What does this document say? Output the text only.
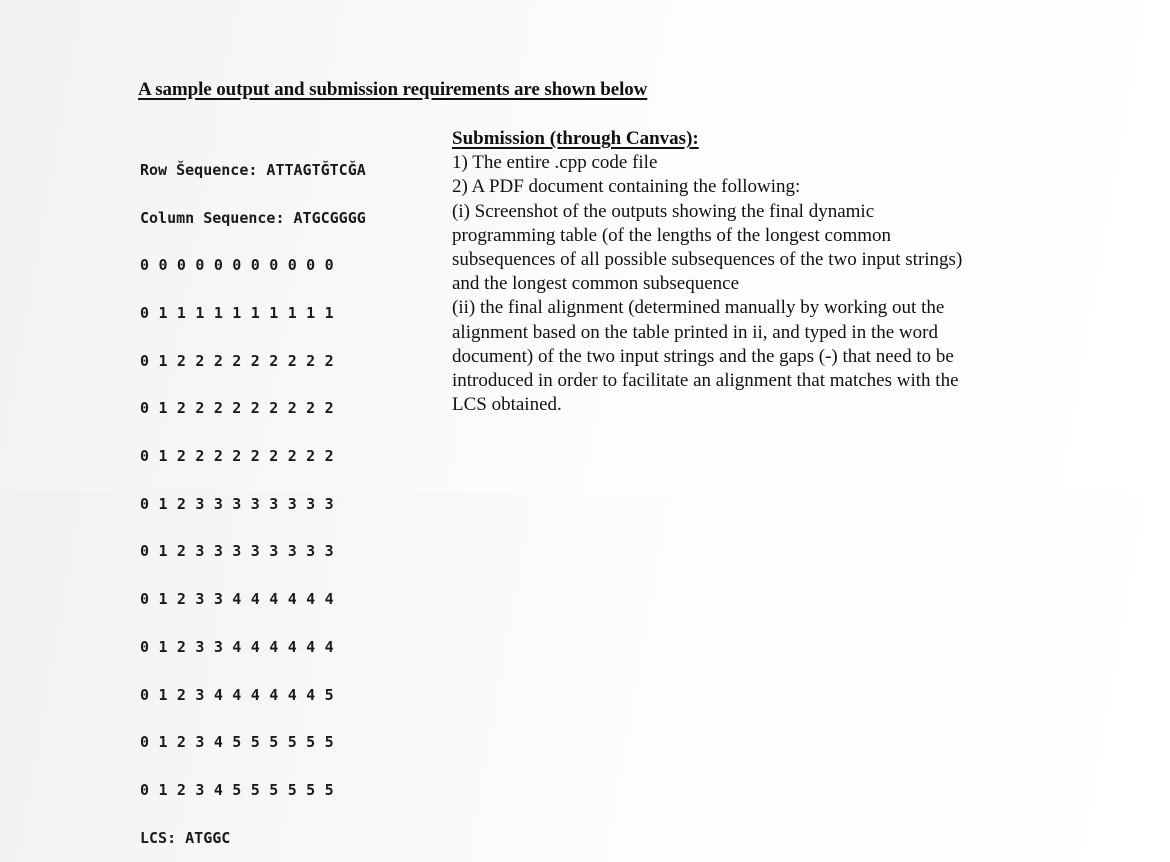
A sample output and submission requirements are shown below

Row Šequence: ATTAGTĞTCĞA

Column Sequence: ATGCGGGG

0 0 0 0 0 0 0 0 0 0 0

0 1 1 1 1 1 1 1 1 1 1

0 1 2 2 2 2 2 2 2 2 2

0 1 2 2 2 2 2 2 2 2 2

0 1 2 2 2 2 2 2 2 2 2

0 1 2 3 3 3 3 3 3 3 3

0 1 2 3 3 3 3 3 3 3 3

0 1 2 3 3 4 4 4 4 4 4

0 1 2 3 3 4 4 4 4 4 4

0 1 2 3 4 4 4 4 4 4 5

0 1 2 3 4 5 5 5 5 5 5

0 1 2 3 4 5 5 5 5 5 5

LCS: ATGGC

Submission (through Canvas):
1) The entire .cpp code file
2) A PDF document containing the following:
(i) Screenshot of the outputs showing the final dynamic
programming table (of the lengths of the longest common
subsequences of all possible subsequences of the two input strings)
and the longest common subsequence
(ii) the final alignment (determined manually by working out the
alignment based on the table printed in ii, and typed in the word
document) of the two input strings and the gaps (-) that need to be
introduced in order to facilitate an alignment that matches with the
LCS obtained.
